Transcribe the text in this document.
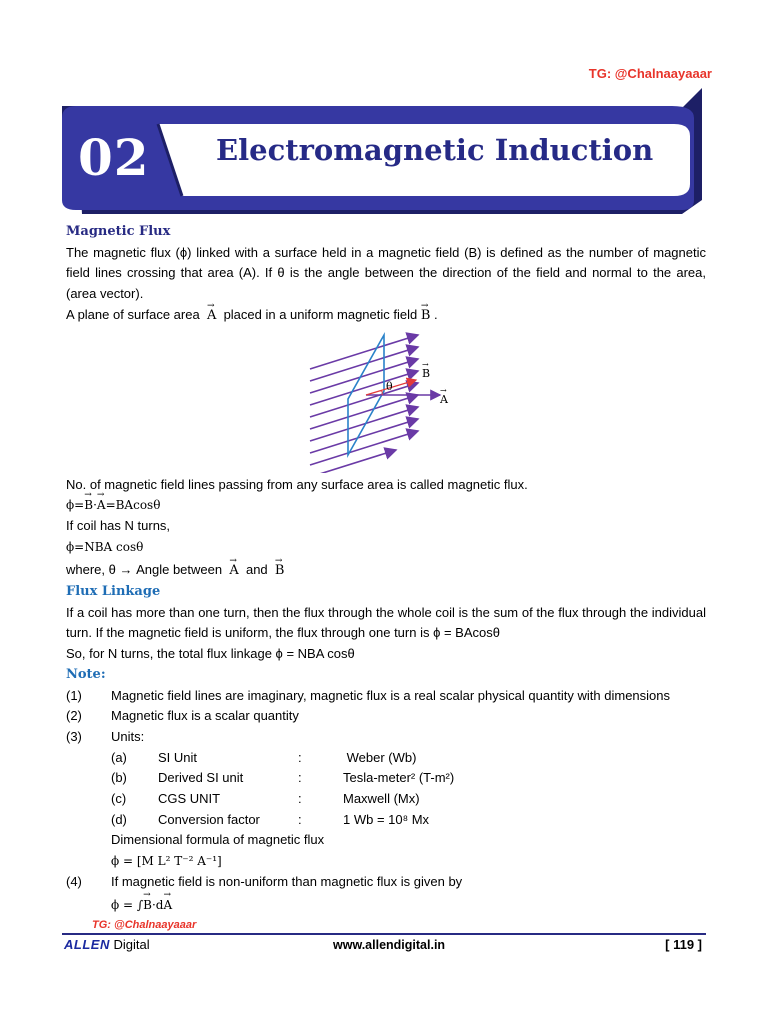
TG: @Chalnaayaaar
02 Electromagnetic Induction
Magnetic Flux

The magnetic flux (ϕ) linked with a surface held in a magnetic field (B) is defined as the number of magnetic field lines crossing that area (A). If θ is the angle between the direction of the field and normal to the area, (area vector).

A plane of surface area → A placed in a uniform magnetic field → B .

θ
B
→
A
→

No. of magnetic field lines passing from any surface area is called magnetic flux.

ϕ=→ B·→ A=BAcosθ

If coil has N turns,

ϕ=NBA cosθ

where, θ → Angle between → A and → B

Flux Linkage

If a coil has more than one turn, then the flux through the whole coil is the sum of the flux through the individual turn. If the magnetic field is uniform, the flux through one turn is ϕ = BAcosθ

So, for N turns, the total flux linkage ϕ = NBA cosθ

Note:
(1)	Magnetic field lines are imaginary, magnetic flux is a real scalar physical quantity with dimensions
(2)	Magnetic flux is a scalar quantity
(3)	Units:
(a)	SI Unit	:	Weber (Wb)
(b)	Derived SI unit	:	Tesla-meter² (T-m²)
(c)	CGS UNIT	:	Maxwell (Mx)
(d)	Conversion factor	:	1 Wb = 10⁸ Mx
Dimensional formula of magnetic flux
ϕ = [M L² T⁻² A⁻¹]
(4)	If magnetic field is non-uniform than magnetic flux is given by
ϕ = ∫→ B·d→ A
TG: @Chalnaayaaar
ALLEN Digital	www.allendigital.in	[ 119 ]
